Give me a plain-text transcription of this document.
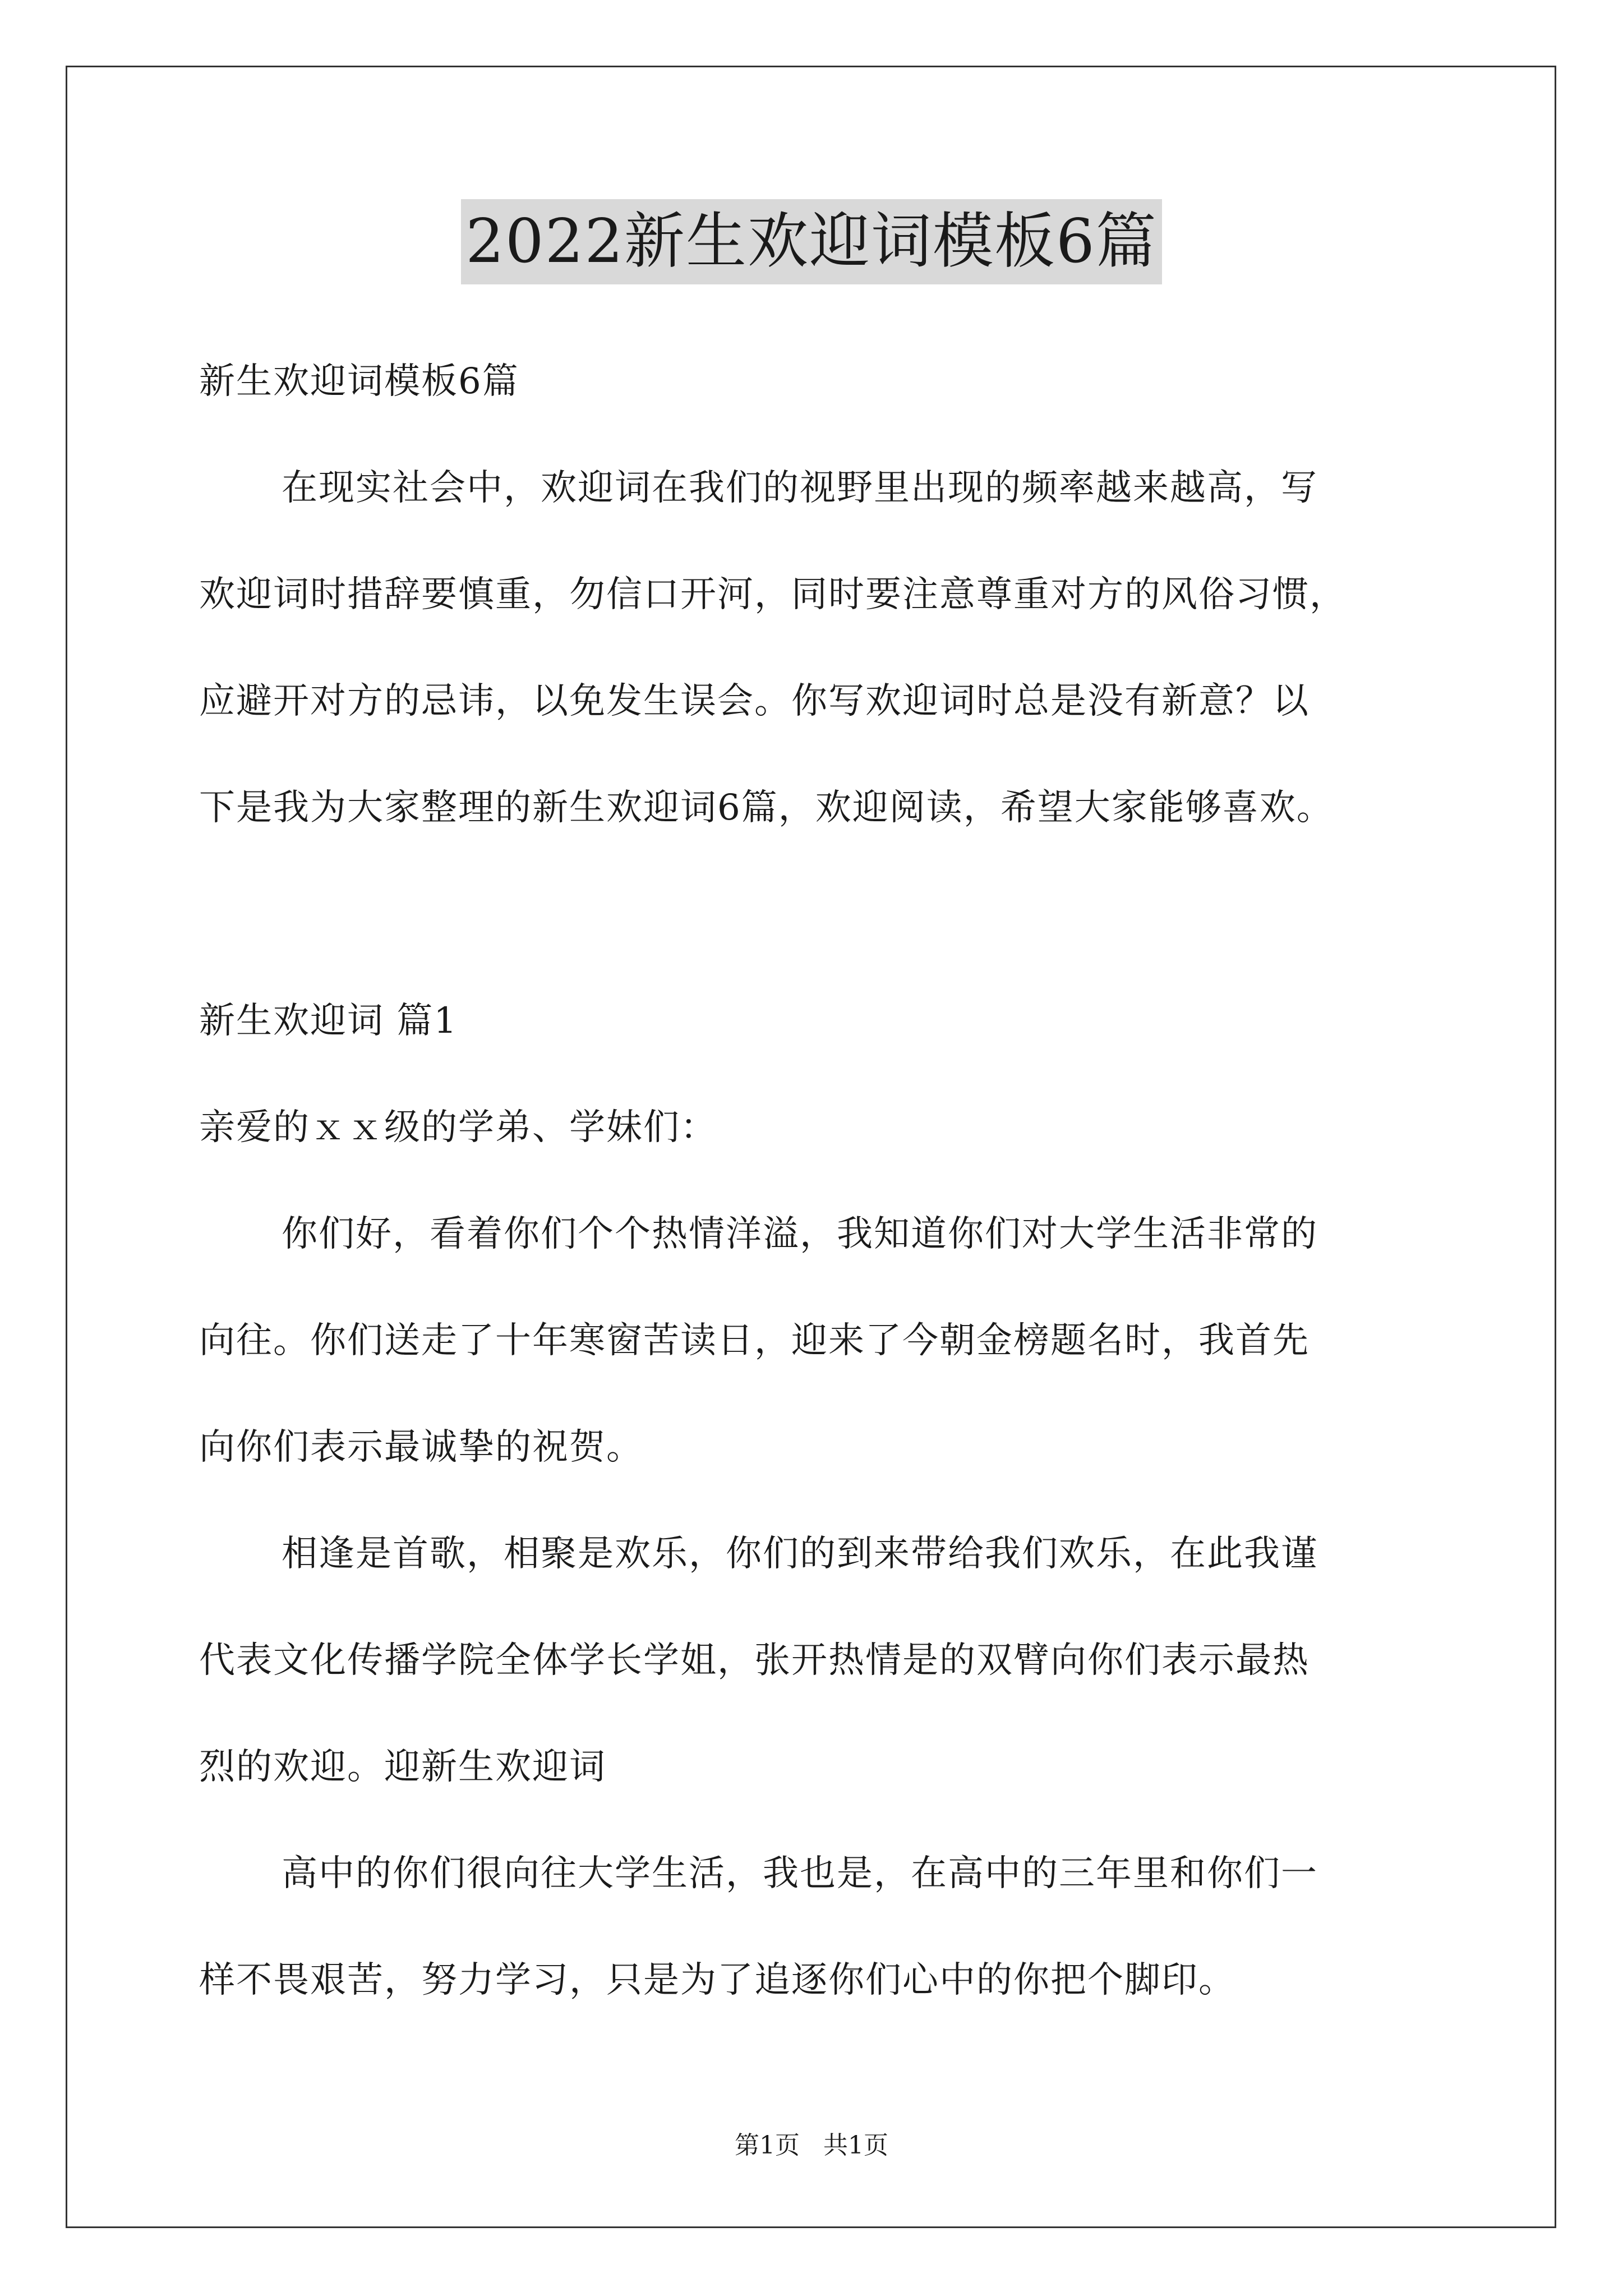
2022新生欢迎词模板6篇
新生欢迎词模板6篇
在现实社会中，欢迎词在我们的视野里出现的频率越来越高，写
欢迎词时措辞要慎重，勿信口开河，同时要注意尊重对方的风俗习惯，
应避开对方的忌讳，以免发生误会。你写欢迎词时总是没有新意？以
下是我为大家整理的新生欢迎词6篇，欢迎阅读，希望大家能够喜欢。
新生欢迎词 篇1
亲爱的ｘｘ级的学弟、学妹们：
你们好，看着你们个个热情洋溢，我知道你们对大学生活非常的
向往。你们送走了十年寒窗苦读日，迎来了今朝金榜题名时，我首先
向你们表示最诚挚的祝贺。
相逢是首歌，相聚是欢乐，你们的到来带给我们欢乐，在此我谨
代表文化传播学院全体学长学姐，张开热情是的双臂向你们表示最热
烈的欢迎。迎新生欢迎词
高中的你们很向往大学生活，我也是，在高中的三年里和你们一
样不畏艰苦，努力学习，只是为了追逐你们心中的你把个脚印。
第1页 共1页
